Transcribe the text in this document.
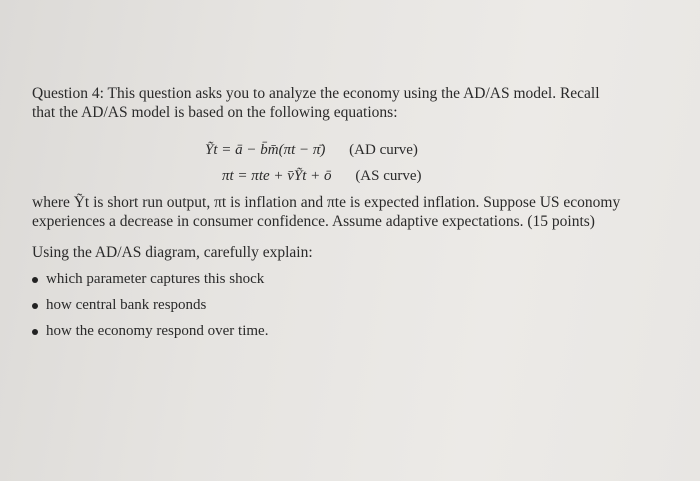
Question 4: This question asks you to analyze the economy using the AD/AS model. Recall
that the AD/AS model is based on the following equations:

Ỹt = ā − b̄m̄(πt − π̄) (AD curve)
πt = πte + v̄Ỹt + ō (AS curve)

where Ỹt is short run output, πt is inflation and πte is expected inflation. Suppose US economy
experiences a decrease in consumer confidence. Assume adaptive expectations. (15 points)

Using the AD/AS diagram, carefully explain:

which parameter captures this shock
how central bank responds
how the economy respond over time.
